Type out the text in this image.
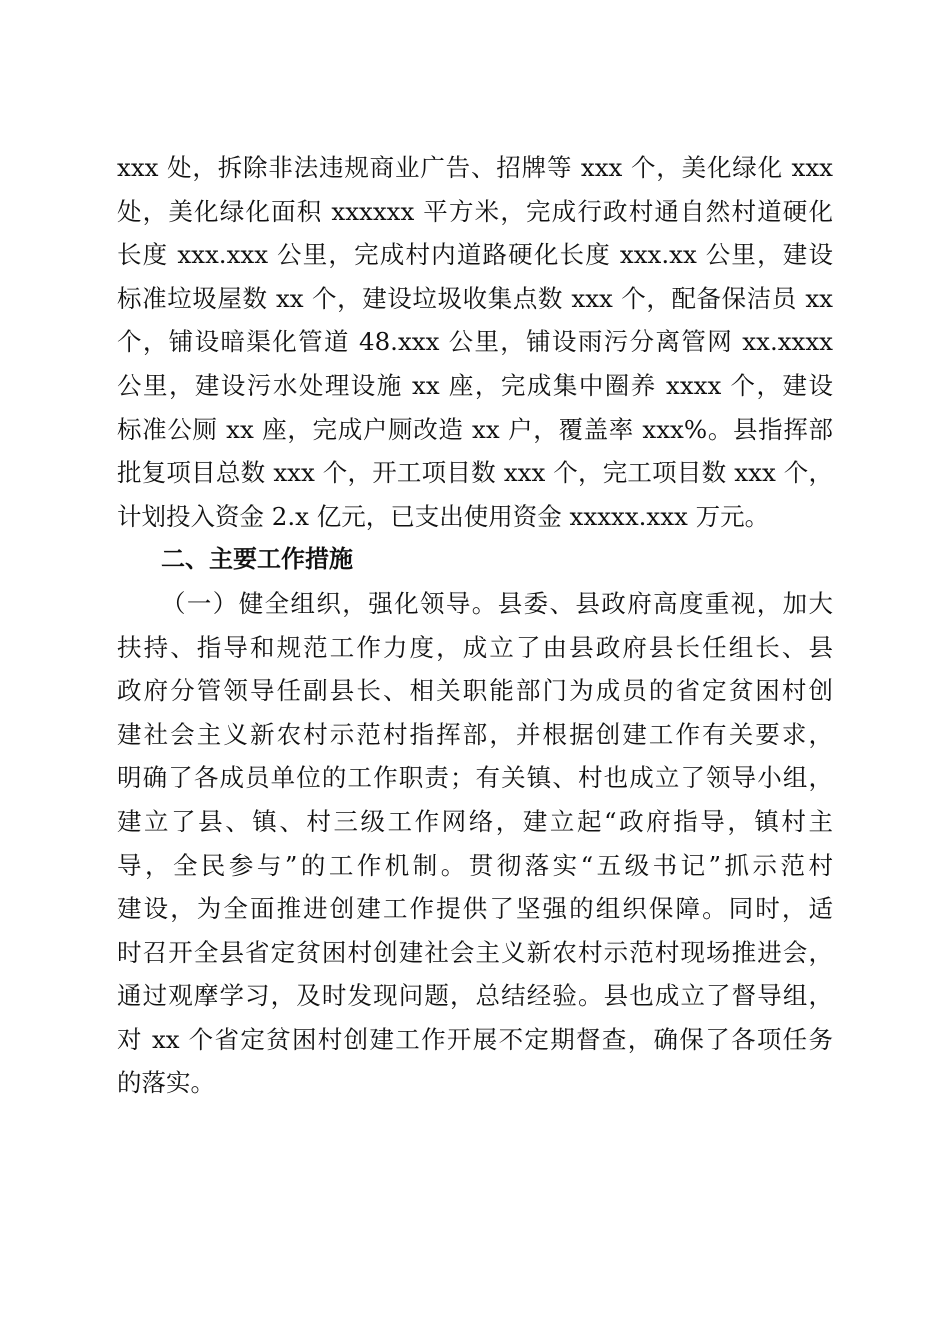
xxx 处，拆除非法违规商业广告、招牌等 xxx 个，美化绿化 xxx
处，美化绿化面积 xxxxxx 平方米，完成行政村通自然村道硬化
长度 xxx.xxx 公里，完成村内道路硬化长度 xxx.xx 公里，建设
标准垃圾屋数 xx 个，建设垃圾收集点数 xxx 个，配备保洁员 xx
个，铺设暗渠化管道 48.xxx 公里，铺设雨污分离管网 xx.xxxx
公里，建设污水处理设施 xx 座，完成集中圈养 xxxx 个，建设
标准公厕 xx 座，完成户厕改造 xx 户，覆盖率 xxx%。县指挥部
批复项目总数 xxx 个，开工项目数 xxx 个，完工项目数 xxx 个，
计划投入资金 2.x 亿元，已支出使用资金 xxxxx.xxx 万元。
二、主要工作措施
（一）健全组织，强化领导。县委、县政府高度重视，加大
扶持、指导和规范工作力度，成立了由县政府县长任组长、县
政府分管领导任副县长、相关职能部门为成员的省定贫困村创
建社会主义新农村示范村指挥部，并根据创建工作有关要求，
明确了各成员单位的工作职责；有关镇、村也成立了领导小组，
建立了县、镇、村三级工作网络，建立起“政府指导，镇村主
导，全民参与”的工作机制。贯彻落实“五级书记”抓示范村
建设，为全面推进创建工作提供了坚强的组织保障。同时，适
时召开全县省定贫困村创建社会主义新农村示范村现场推进会，
通过观摩学习，及时发现问题，总结经验。县也成立了督导组，
对 xx 个省定贫困村创建工作开展不定期督查，确保了各项任务
的落实。
